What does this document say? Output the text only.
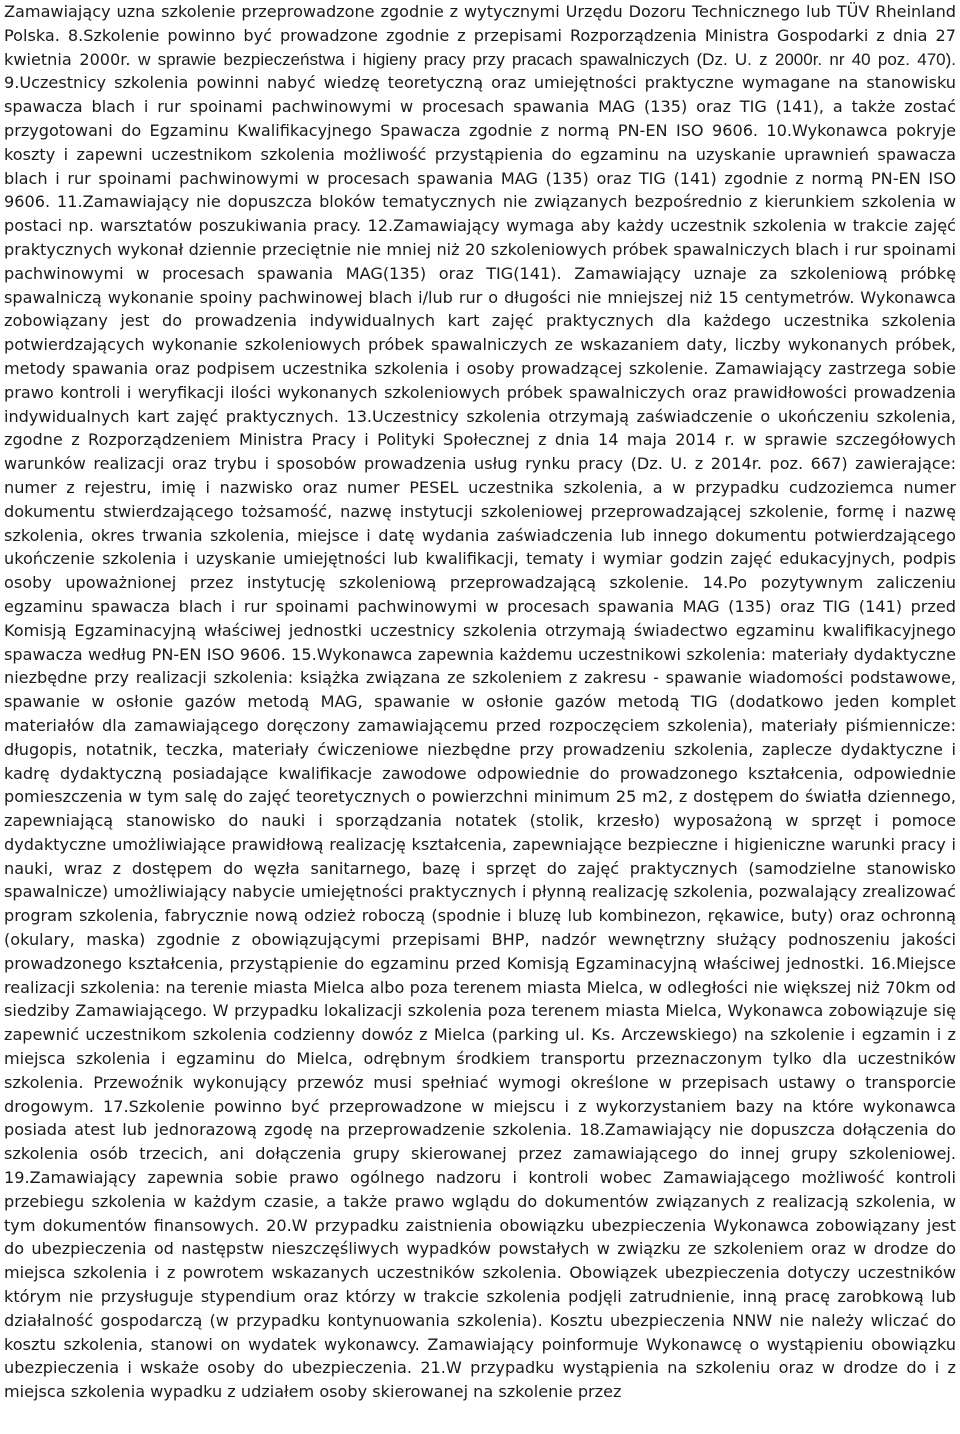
Zamawiający uzna szkolenie przeprowadzone zgodnie z wytycznymi Urzędu Dozoru Technicznego lub TÜV Rheinland Polska. 8.Szkolenie powinno być prowadzone zgodnie z przepisami Rozporządzenia Ministra Gospodarki z dnia 27 kwietnia 2000r. w sprawie bezpieczeństwa i higieny pracy przy pracach spawalniczych (Dz. U. z 2000r. nr 40 poz. 470). 9.Uczestnicy szkolenia powinni nabyć wiedzę teoretyczną oraz umiejętności praktyczne wymagane na stanowisku spawacza blach i rur spoinami pachwinowymi w procesach spawania MAG (135) oraz TIG (141), a także zostać przygotowani do Egzaminu Kwalifikacyjnego Spawacza zgodnie z normą PN-EN ISO 9606. 10.Wykonawca pokryje koszty i zapewni uczestnikom szkolenia możliwość przystąpienia do egzaminu na uzyskanie uprawnień spawacza blach i rur spoinami pachwinowymi w procesach spawania MAG (135) oraz TIG (141) zgodnie z normą PN-EN ISO 9606. 11.Zamawiający nie dopuszcza bloków tematycznych nie związanych bezpośrednio z kierunkiem szkolenia w postaci np. warsztatów poszukiwania pracy. 12.Zamawiający wymaga aby każdy uczestnik szkolenia w trakcie zajęć praktycznych wykonał dziennie przeciętnie nie mniej niż 20 szkoleniowych próbek spawalniczych blach i rur spoinami pachwinowymi w procesach spawania MAG(135) oraz TIG(141). Zamawiający uznaje za szkoleniową próbkę spawalniczą wykonanie spoiny pachwinowej blach i/lub rur o długości nie mniejszej niż 15 centymetrów. Wykonawca zobowiązany jest do prowadzenia indywidualnych kart zajęć praktycznych dla każdego uczestnika szkolenia potwierdzających wykonanie szkoleniowych próbek spawalniczych ze wskazaniem daty, liczby wykonanych próbek, metody spawania oraz podpisem uczestnika szkolenia i osoby prowadzącej szkolenie. Zamawiający zastrzega sobie prawo kontroli i weryfikacji ilości wykonanych szkoleniowych próbek spawalniczych oraz prawidłowości prowadzenia indywidualnych kart zajęć praktycznych. 13.Uczestnicy szkolenia otrzymają zaświadczenie o ukończeniu szkolenia, zgodne z Rozporządzeniem Ministra Pracy i Polityki Społecznej z dnia 14 maja 2014 r. w sprawie szczegółowych warunków realizacji oraz trybu i sposobów prowadzenia usług rynku pracy (Dz. U. z 2014r. poz. 667) zawierające: numer z rejestru, imię i nazwisko oraz numer PESEL uczestnika szkolenia, a w przypadku cudzoziemca numer dokumentu stwierdzającego tożsamość, nazwę instytucji szkoleniowej przeprowadzającej szkolenie, formę i nazwę szkolenia, okres trwania szkolenia, miejsce i datę wydania zaświadczenia lub innego dokumentu potwierdzającego ukończenie szkolenia i uzyskanie umiejętności lub kwalifikacji, tematy i wymiar godzin zajęć edukacyjnych, podpis osoby upoważnionej przez instytucję szkoleniową przeprowadzającą szkolenie. 14.Po pozytywnym zaliczeniu egzaminu spawacza blach i rur spoinami pachwinowymi w procesach spawania MAG (135) oraz TIG (141) przed Komisją Egzaminacyjną właściwej jednostki uczestnicy szkolenia otrzymają świadectwo egzaminu kwalifikacyjnego spawacza według PN-EN ISO 9606. 15.Wykonawca zapewnia każdemu uczestnikowi szkolenia: materiały dydaktyczne niezbędne przy realizacji szkolenia: książka związana ze szkoleniem z zakresu - spawanie wiadomości podstawowe, spawanie w osłonie gazów metodą MAG, spawanie w osłonie gazów metodą TIG (dodatkowo jeden komplet materiałów dla zamawiającego doręczony zamawiającemu przed rozpoczęciem szkolenia), materiały piśmiennicze: długopis, notatnik, teczka, materiały ćwiczeniowe niezbędne przy prowadzeniu szkolenia, zaplecze dydaktyczne i kadrę dydaktyczną posiadające kwalifikacje zawodowe odpowiednie do prowadzonego kształcenia, odpowiednie pomieszczenia w tym salę do zajęć teoretycznych o powierzchni minimum 25 m2, z dostępem do światła dziennego, zapewniającą stanowisko do nauki i sporządzania notatek (stolik, krzesło) wyposażoną w sprzęt i pomoce dydaktyczne umożliwiające prawidłową realizację kształcenia, zapewniające bezpieczne i higieniczne warunki pracy i nauki, wraz z dostępem do węzła sanitarnego, bazę i sprzęt do zajęć praktycznych (samodzielne stanowisko spawalnicze) umożliwiający nabycie umiejętności praktycznych i płynną realizację szkolenia, pozwalający zrealizować program szkolenia, fabrycznie nową odzież roboczą (spodnie i bluzę lub kombinezon, rękawice, buty) oraz ochronną (okulary, maska) zgodnie z obowiązującymi przepisami BHP, nadzór wewnętrzny służący podnoszeniu jakości prowadzonego kształcenia, przystąpienie do egzaminu przed Komisją Egzaminacyjną właściwej jednostki. 16.Miejsce realizacji szkolenia: na terenie miasta Mielca albo poza terenem miasta Mielca, w odległości nie większej niż 70km od siedziby Zamawiającego. W przypadku lokalizacji szkolenia poza terenem miasta Mielca, Wykonawca zobowiązuje się zapewnić uczestnikom szkolenia codzienny dowóz z Mielca (parking ul. Ks. Arczewskiego) na szkolenie i egzamin i z miejsca szkolenia i egzaminu do Mielca, odrębnym środkiem transportu przeznaczonym tylko dla uczestników szkolenia. Przewoźnik wykonujący przewóz musi spełniać wymogi określone w przepisach ustawy o transporcie drogowym. 17.Szkolenie powinno być przeprowadzone w miejscu i z wykorzystaniem bazy na które wykonawca posiada atest lub jednorazową zgodę na przeprowadzenie szkolenia. 18.Zamawiający nie dopuszcza dołączenia do szkolenia osób trzecich, ani dołączenia grupy skierowanej przez zamawiającego do innej grupy szkoleniowej. 19.Zamawiający zapewnia sobie prawo ogólnego nadzoru i kontroli wobec Zamawiającego możliwość kontroli przebiegu szkolenia w każdym czasie, a także prawo wglądu do dokumentów związanych z realizacją szkolenia, w tym dokumentów finansowych. 20.W przypadku zaistnienia obowiązku ubezpieczenia Wykonawca zobowiązany jest do ubezpieczenia od następstw nieszczęśliwych wypadków powstałych w związku ze szkoleniem oraz w drodze do miejsca szkolenia i z powrotem wskazanych uczestników szkolenia. Obowiązek ubezpieczenia dotyczy uczestników którym nie przysługuje stypendium oraz którzy w trakcie szkolenia podjęli zatrudnienie, inną pracę zarobkową lub działalność gospodarczą (w przypadku kontynuowania szkolenia). Kosztu ubezpieczenia NNW nie należy wliczać do kosztu szkolenia, stanowi on wydatek wykonawcy. Zamawiający poinformuje Wykonawcę o wystąpieniu obowiązku ubezpieczenia i wskaże osoby do ubezpieczenia. 21.W przypadku wystąpienia na szkoleniu oraz w drodze do i z miejsca szkolenia wypadku z udziałem osoby skierowanej na szkolenie przez
